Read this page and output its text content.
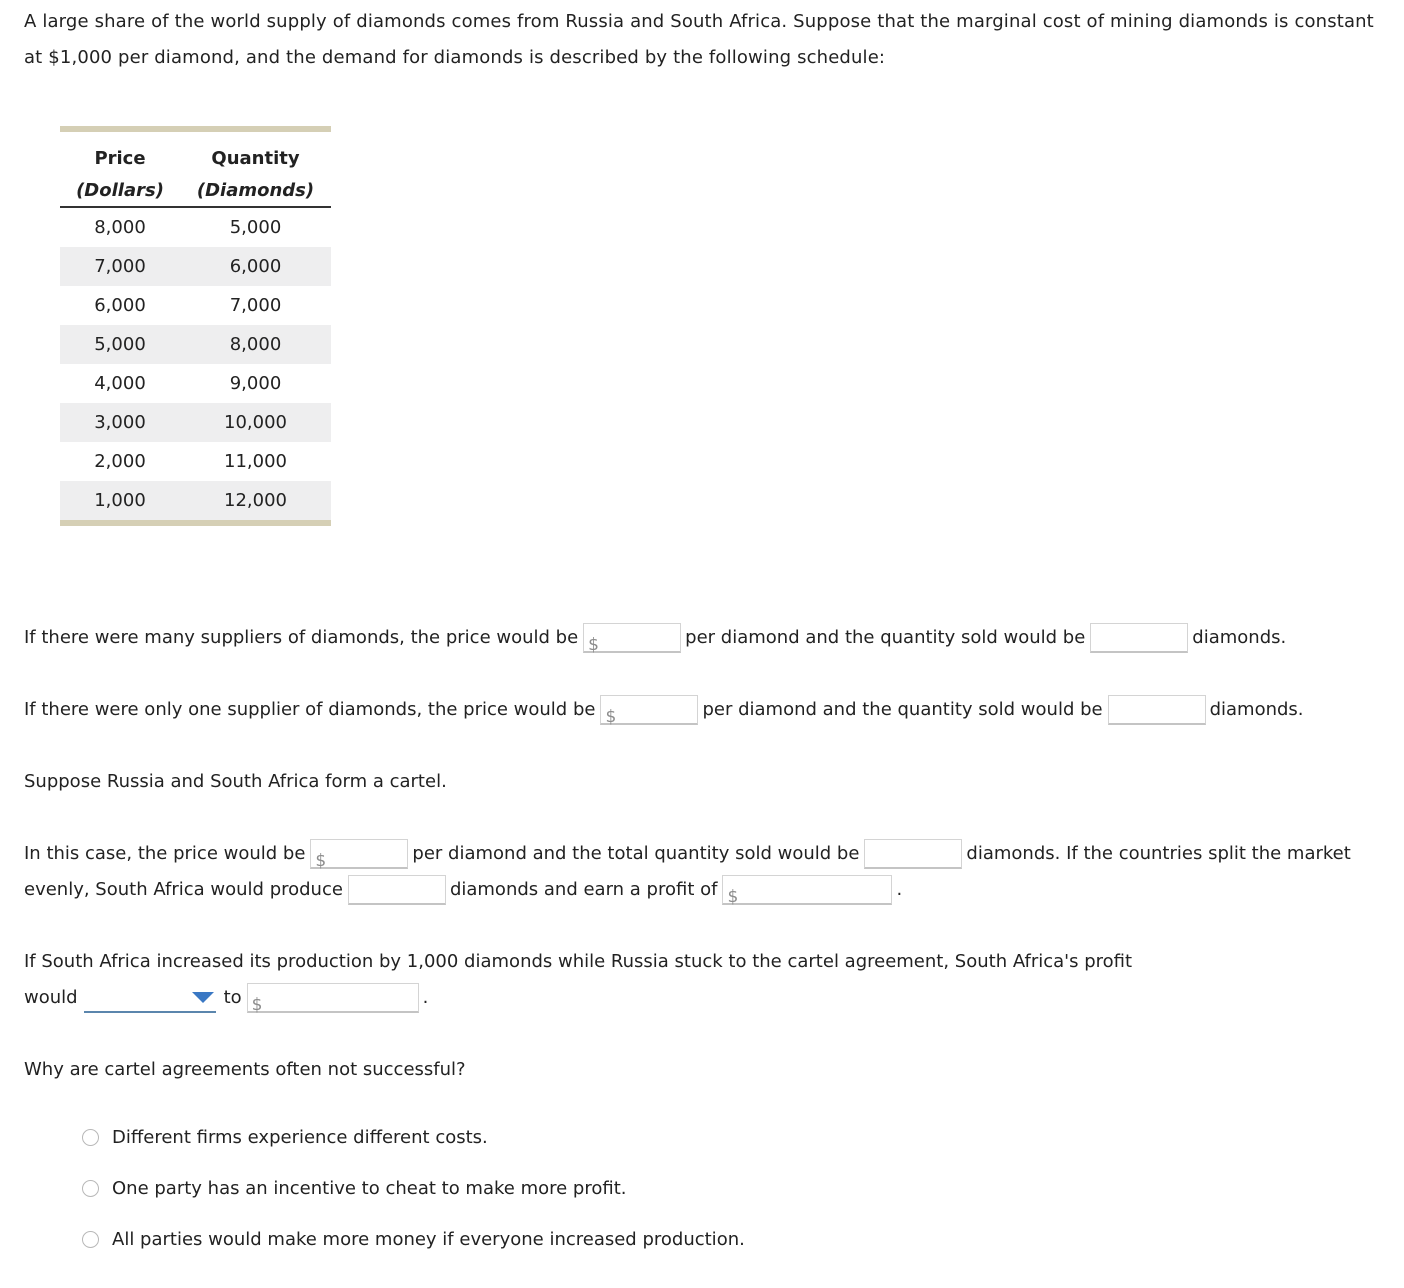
A large share of the world supply of diamonds comes from Russia and South Africa. Suppose that the marginal cost of mining diamonds is constant at $1,000 per diamond, and the demand for diamonds is described by the following schedule:
Price	Quantity
(Dollars)	(Diamonds)
8,000	5,000
7,000	6,000
6,000	7,000
5,000	8,000
4,000	9,000
3,000	10,000
2,000	11,000
1,000	12,000
If there were many suppliers of diamonds, the price would be $	per diamond and the quantity sold would be	diamonds.
If there were only one supplier of diamonds, the price would be $	per diamond and the quantity sold would be	diamonds.
Suppose Russia and South Africa form a cartel.
In this case, the price would be $	per diamond and the total quantity sold would be	diamonds. If the countries split the market
evenly, South Africa would produce	diamonds and earn a profit of $	.
If South Africa increased its production by 1,000 diamonds while Russia stuck to the cartel agreement, South Africa's profit
would	to $	.
Why are cartel agreements often not successful?
Different firms experience different costs.
One party has an incentive to cheat to make more profit.
All parties would make more money if everyone increased production.
